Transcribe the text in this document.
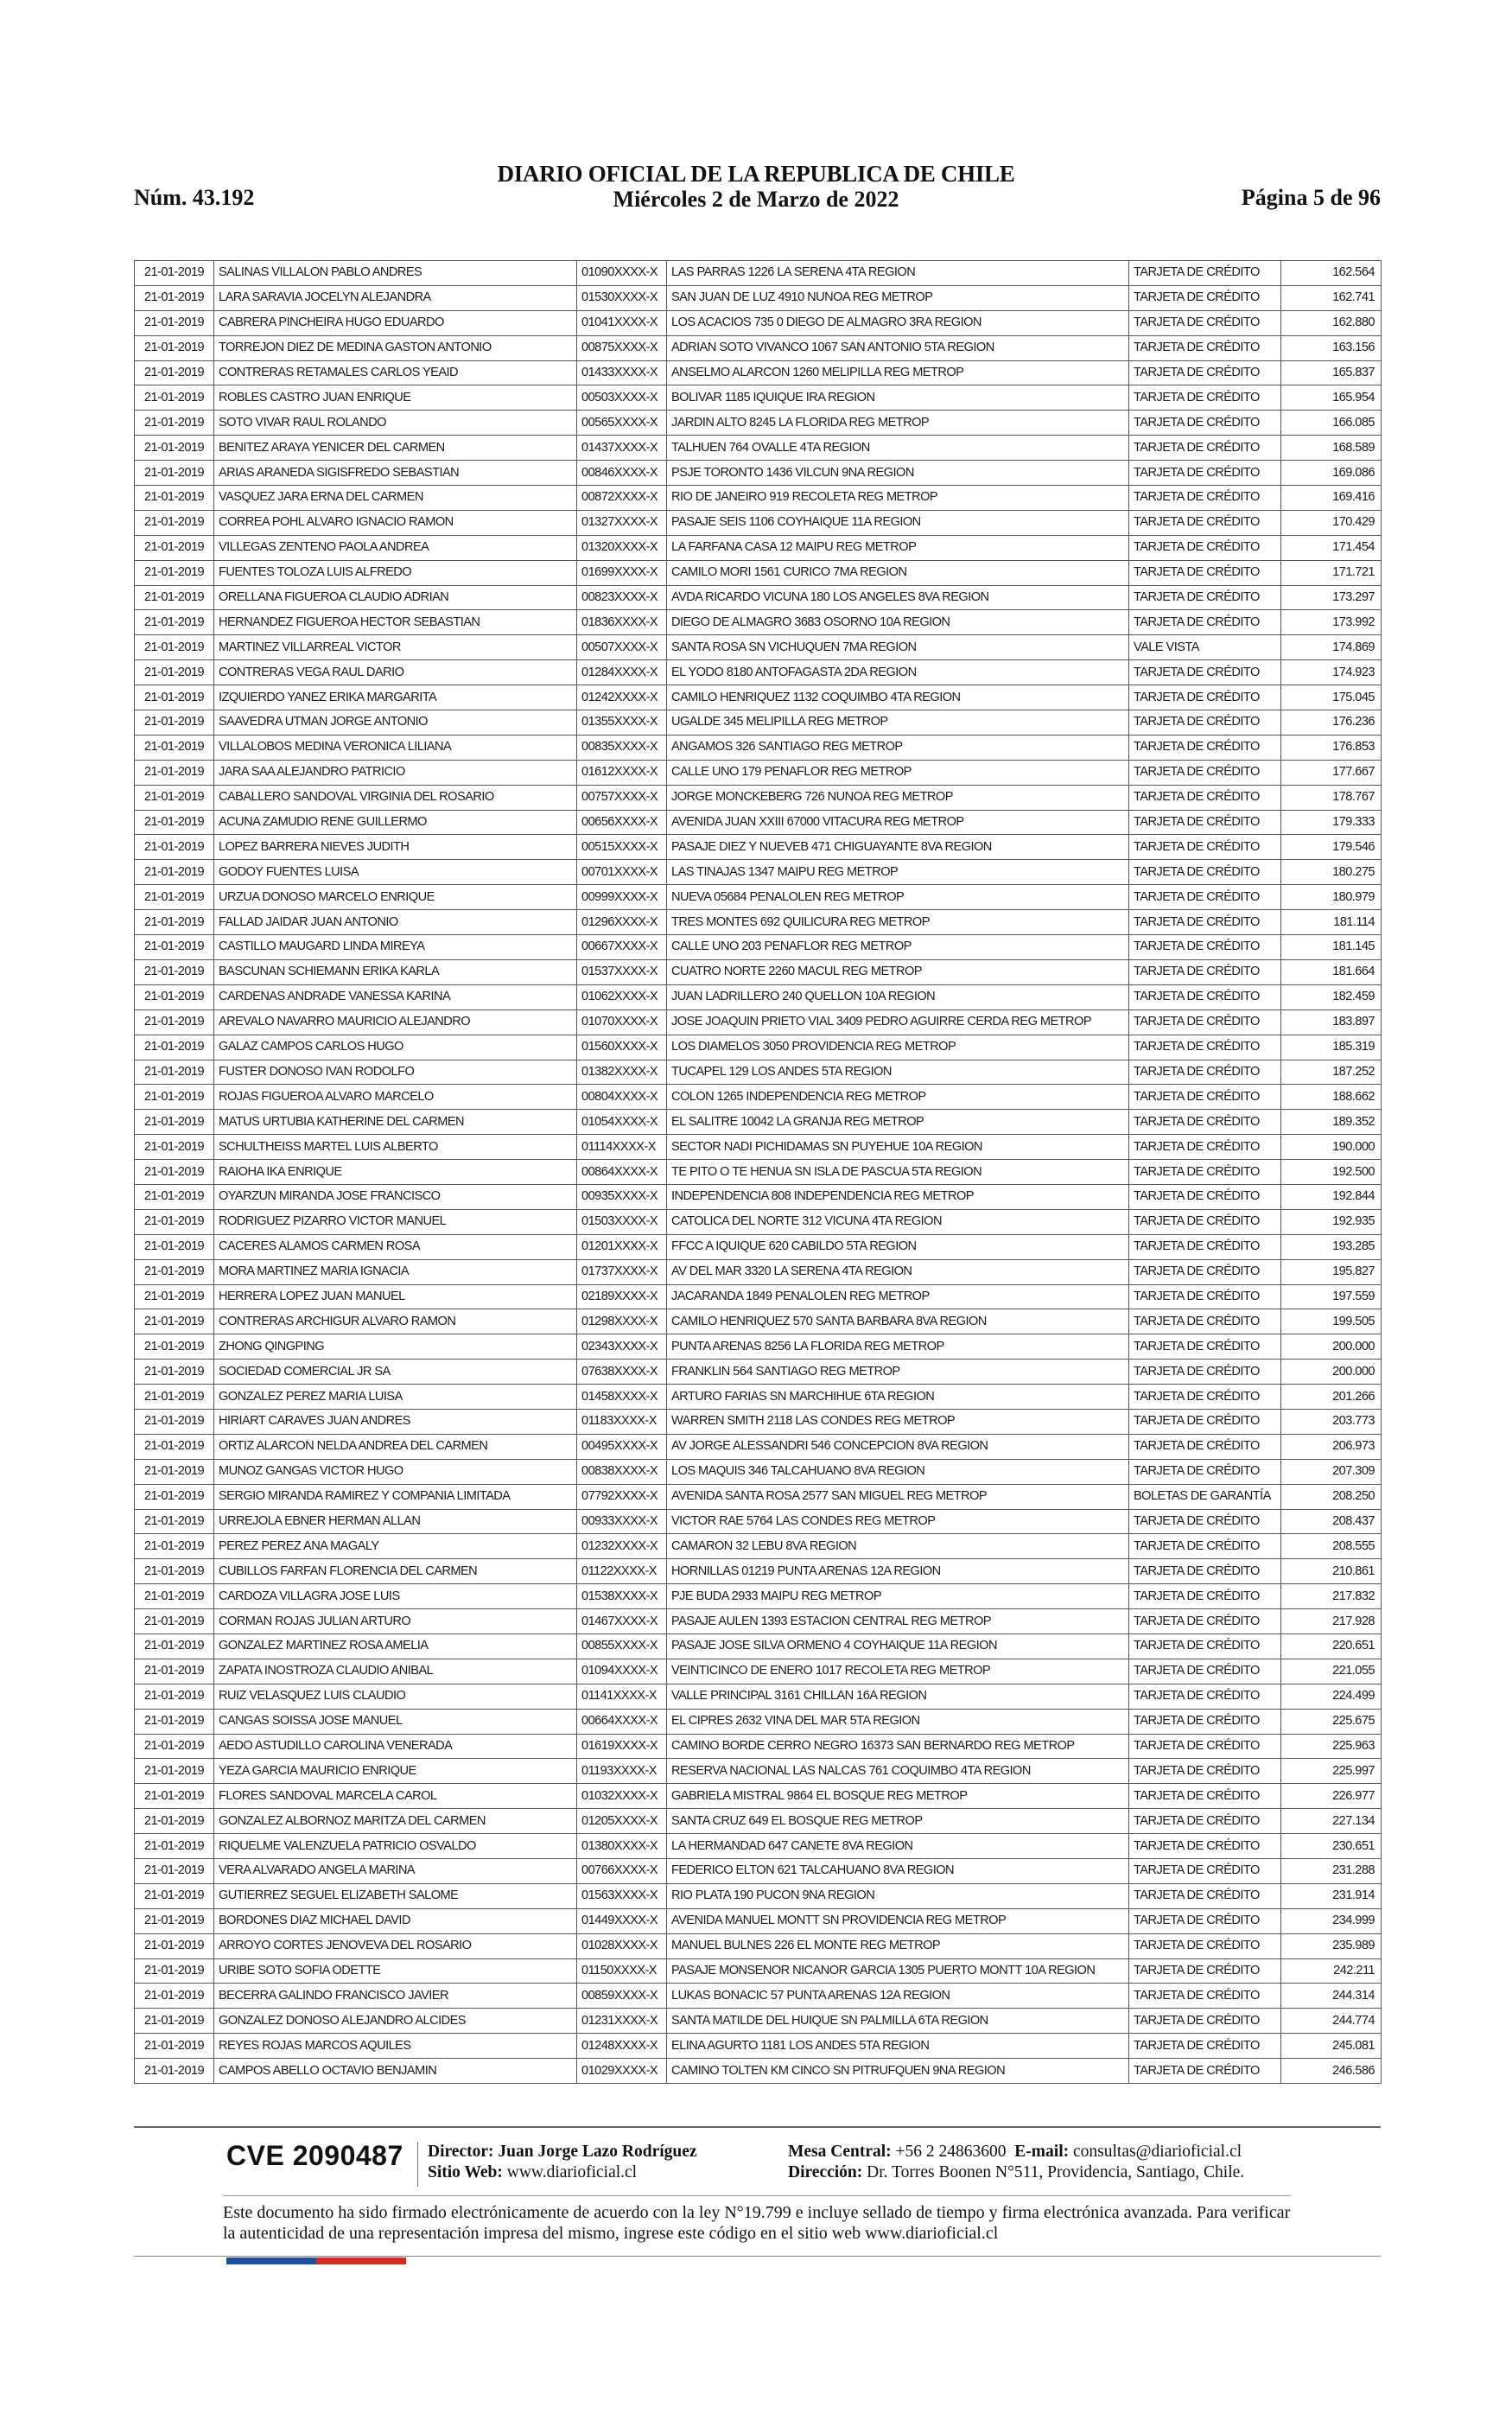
Núm. 43.192
DIARIO OFICIAL DE LA REPUBLICA DE CHILE
Miércoles 2 de Marzo de 2022	Página 5 de 96
21-01-2019	SALINAS VILLALON PABLO ANDRES	01090XXXX-X	LAS PARRAS 1226 LA SERENA 4TA REGION	TARJETA DE CRÉDITO	162.564
21-01-2019	LARA SARAVIA JOCELYN ALEJANDRA	01530XXXX-X	SAN JUAN DE LUZ 4910 NUNOA REG METROP	TARJETA DE CRÉDITO	162.741
21-01-2019	CABRERA PINCHEIRA HUGO EDUARDO	01041XXXX-X	LOS ACACIOS 735 0 DIEGO DE ALMAGRO 3RA REGION	TARJETA DE CRÉDITO	162.880
21-01-2019	TORREJON DIEZ DE MEDINA GASTON ANTONIO	00875XXXX-X	ADRIAN SOTO VIVANCO 1067 SAN ANTONIO 5TA REGION	TARJETA DE CRÉDITO	163.156
21-01-2019	CONTRERAS RETAMALES CARLOS YEAID	01433XXXX-X	ANSELMO ALARCON 1260 MELIPILLA REG METROP	TARJETA DE CRÉDITO	165.837
21-01-2019	ROBLES CASTRO JUAN ENRIQUE	00503XXXX-X	BOLIVAR 1185 IQUIQUE IRA REGION	TARJETA DE CRÉDITO	165.954
21-01-2019	SOTO VIVAR RAUL ROLANDO	00565XXXX-X	JARDIN ALTO 8245 LA FLORIDA REG METROP	TARJETA DE CRÉDITO	166.085
21-01-2019	BENITEZ ARAYA YENICER DEL CARMEN	01437XXXX-X	TALHUEN 764 OVALLE 4TA REGION	TARJETA DE CRÉDITO	168.589
21-01-2019	ARIAS ARANEDA SIGISFREDO SEBASTIAN	00846XXXX-X	PSJE TORONTO 1436 VILCUN 9NA REGION	TARJETA DE CRÉDITO	169.086
21-01-2019	VASQUEZ JARA ERNA DEL CARMEN	00872XXXX-X	RIO DE JANEIRO 919 RECOLETA REG METROP	TARJETA DE CRÉDITO	169.416
21-01-2019	CORREA POHL ALVARO IGNACIO RAMON	01327XXXX-X	PASAJE SEIS 1106 COYHAIQUE 11A REGION	TARJETA DE CRÉDITO	170.429
21-01-2019	VILLEGAS ZENTENO PAOLA ANDREA	01320XXXX-X	LA FARFANA CASA 12 MAIPU REG METROP	TARJETA DE CRÉDITO	171.454
21-01-2019	FUENTES TOLOZA LUIS ALFREDO	01699XXXX-X	CAMILO MORI 1561 CURICO 7MA REGION	TARJETA DE CRÉDITO	171.721
21-01-2019	ORELLANA FIGUEROA CLAUDIO ADRIAN	00823XXXX-X	AVDA RICARDO VICUNA 180 LOS ANGELES 8VA REGION	TARJETA DE CRÉDITO	173.297
21-01-2019	HERNANDEZ FIGUEROA HECTOR SEBASTIAN	01836XXXX-X	DIEGO DE ALMAGRO 3683 OSORNO 10A REGION	TARJETA DE CRÉDITO	173.992
21-01-2019	MARTINEZ VILLARREAL VICTOR	00507XXXX-X	SANTA ROSA SN VICHUQUEN 7MA REGION	VALE VISTA	174.869
21-01-2019	CONTRERAS VEGA RAUL DARIO	01284XXXX-X	EL YODO 8180 ANTOFAGASTA 2DA REGION	TARJETA DE CRÉDITO	174.923
21-01-2019	IZQUIERDO YANEZ ERIKA MARGARITA	01242XXXX-X	CAMILO HENRIQUEZ 1132 COQUIMBO 4TA REGION	TARJETA DE CRÉDITO	175.045
21-01-2019	SAAVEDRA UTMAN JORGE ANTONIO	01355XXXX-X	UGALDE 345 MELIPILLA REG METROP	TARJETA DE CRÉDITO	176.236
21-01-2019	VILLALOBOS MEDINA VERONICA LILIANA	00835XXXX-X	ANGAMOS 326 SANTIAGO REG METROP	TARJETA DE CRÉDITO	176.853
21-01-2019	JARA SAA ALEJANDRO PATRICIO	01612XXXX-X	CALLE UNO 179 PENAFLOR REG METROP	TARJETA DE CRÉDITO	177.667
21-01-2019	CABALLERO SANDOVAL VIRGINIA DEL ROSARIO	00757XXXX-X	JORGE MONCKEBERG 726 NUNOA REG METROP	TARJETA DE CRÉDITO	178.767
21-01-2019	ACUNA ZAMUDIO RENE GUILLERMO	00656XXXX-X	AVENIDA JUAN XXIII 67000 VITACURA REG METROP	TARJETA DE CRÉDITO	179.333
21-01-2019	LOPEZ BARRERA NIEVES JUDITH	00515XXXX-X	PASAJE DIEZ Y NUEVEB 471 CHIGUAYANTE 8VA REGION	TARJETA DE CRÉDITO	179.546
21-01-2019	GODOY FUENTES LUISA	00701XXXX-X	LAS TINAJAS 1347 MAIPU REG METROP	TARJETA DE CRÉDITO	180.275
21-01-2019	URZUA DONOSO MARCELO ENRIQUE	00999XXXX-X	NUEVA 05684 PENALOLEN REG METROP	TARJETA DE CRÉDITO	180.979
21-01-2019	FALLAD JAIDAR JUAN ANTONIO	01296XXXX-X	TRES MONTES 692 QUILICURA REG METROP	TARJETA DE CRÉDITO	181.114
21-01-2019	CASTILLO MAUGARD LINDA MIREYA	00667XXXX-X	CALLE UNO 203 PENAFLOR REG METROP	TARJETA DE CRÉDITO	181.145
21-01-2019	BASCUNAN SCHIEMANN ERIKA KARLA	01537XXXX-X	CUATRO NORTE 2260 MACUL REG METROP	TARJETA DE CRÉDITO	181.664
21-01-2019	CARDENAS ANDRADE VANESSA KARINA	01062XXXX-X	JUAN LADRILLERO 240 QUELLON 10A REGION	TARJETA DE CRÉDITO	182.459
21-01-2019	AREVALO NAVARRO MAURICIO ALEJANDRO	01070XXXX-X	JOSE JOAQUIN PRIETO VIAL 3409 PEDRO AGUIRRE CERDA REG METROP	TARJETA DE CRÉDITO	183.897
21-01-2019	GALAZ CAMPOS CARLOS HUGO	01560XXXX-X	LOS DIAMELOS 3050 PROVIDENCIA REG METROP	TARJETA DE CRÉDITO	185.319
21-01-2019	FUSTER DONOSO IVAN RODOLFO	01382XXXX-X	TUCAPEL 129 LOS ANDES 5TA REGION	TARJETA DE CRÉDITO	187.252
21-01-2019	ROJAS FIGUEROA ALVARO MARCELO	00804XXXX-X	COLON 1265 INDEPENDENCIA REG METROP	TARJETA DE CRÉDITO	188.662
21-01-2019	MATUS URTUBIA KATHERINE DEL CARMEN	01054XXXX-X	EL SALITRE 10042 LA GRANJA REG METROP	TARJETA DE CRÉDITO	189.352
21-01-2019	SCHULTHEISS MARTEL LUIS ALBERTO	01114XXXX-X	SECTOR NADI PICHIDAMAS SN PUYEHUE 10A REGION	TARJETA DE CRÉDITO	190.000
21-01-2019	RAIOHA IKA ENRIQUE	00864XXXX-X	TE PITO O TE HENUA SN ISLA DE PASCUA 5TA REGION	TARJETA DE CRÉDITO	192.500
21-01-2019	OYARZUN MIRANDA JOSE FRANCISCO	00935XXXX-X	INDEPENDENCIA 808 INDEPENDENCIA REG METROP	TARJETA DE CRÉDITO	192.844
21-01-2019	RODRIGUEZ PIZARRO VICTOR MANUEL	01503XXXX-X	CATOLICA DEL NORTE 312 VICUNA 4TA REGION	TARJETA DE CRÉDITO	192.935
21-01-2019	CACERES ALAMOS CARMEN ROSA	01201XXXX-X	FFCC A IQUIQUE 620 CABILDO 5TA REGION	TARJETA DE CRÉDITO	193.285
21-01-2019	MORA MARTINEZ MARIA IGNACIA	01737XXXX-X	AV DEL MAR 3320 LA SERENA 4TA REGION	TARJETA DE CRÉDITO	195.827
21-01-2019	HERRERA LOPEZ JUAN MANUEL	02189XXXX-X	JACARANDA 1849 PENALOLEN REG METROP	TARJETA DE CRÉDITO	197.559
21-01-2019	CONTRERAS ARCHIGUR ALVARO RAMON	01298XXXX-X	CAMILO HENRIQUEZ 570 SANTA BARBARA 8VA REGION	TARJETA DE CRÉDITO	199.505
21-01-2019	ZHONG QINGPING	02343XXXX-X	PUNTA ARENAS 8256 LA FLORIDA REG METROP	TARJETA DE CRÉDITO	200.000
21-01-2019	SOCIEDAD COMERCIAL JR SA	07638XXXX-X	FRANKLIN 564 SANTIAGO REG METROP	TARJETA DE CRÉDITO	200.000
21-01-2019	GONZALEZ PEREZ MARIA LUISA	01458XXXX-X	ARTURO FARIAS SN MARCHIHUE 6TA REGION	TARJETA DE CRÉDITO	201.266
21-01-2019	HIRIART CARAVES JUAN ANDRES	01183XXXX-X	WARREN SMITH 2118 LAS CONDES REG METROP	TARJETA DE CRÉDITO	203.773
21-01-2019	ORTIZ ALARCON NELDA ANDREA DEL CARMEN	00495XXXX-X	AV JORGE ALESSANDRI 546 CONCEPCION 8VA REGION	TARJETA DE CRÉDITO	206.973
21-01-2019	MUNOZ GANGAS VICTOR HUGO	00838XXXX-X	LOS MAQUIS 346 TALCAHUANO 8VA REGION	TARJETA DE CRÉDITO	207.309
21-01-2019	SERGIO MIRANDA RAMIREZ Y COMPANIA LIMITADA	07792XXXX-X	AVENIDA SANTA ROSA 2577 SAN MIGUEL REG METROP	BOLETAS DE GARANTÍA	208.250
21-01-2019	URREJOLA EBNER HERMAN ALLAN	00933XXXX-X	VICTOR RAE 5764 LAS CONDES REG METROP	TARJETA DE CRÉDITO	208.437
21-01-2019	PEREZ PEREZ ANA MAGALY	01232XXXX-X	CAMARON 32 LEBU 8VA REGION	TARJETA DE CRÉDITO	208.555
21-01-2019	CUBILLOS FARFAN FLORENCIA DEL CARMEN	01122XXXX-X	HORNILLAS 01219 PUNTA ARENAS 12A REGION	TARJETA DE CRÉDITO	210.861
21-01-2019	CARDOZA VILLAGRA JOSE LUIS	01538XXXX-X	PJE BUDA 2933 MAIPU REG METROP	TARJETA DE CRÉDITO	217.832
21-01-2019	CORMAN ROJAS JULIAN ARTURO	01467XXXX-X	PASAJE AULEN 1393 ESTACION CENTRAL REG METROP	TARJETA DE CRÉDITO	217.928
21-01-2019	GONZALEZ MARTINEZ ROSA AMELIA	00855XXXX-X	PASAJE JOSE SILVA ORMENO 4 COYHAIQUE 11A REGION	TARJETA DE CRÉDITO	220.651
21-01-2019	ZAPATA INOSTROZA CLAUDIO ANIBAL	01094XXXX-X	VEINTICINCO DE ENERO 1017 RECOLETA REG METROP	TARJETA DE CRÉDITO	221.055
21-01-2019	RUIZ VELASQUEZ LUIS CLAUDIO	01141XXXX-X	VALLE PRINCIPAL 3161 CHILLAN 16A REGION	TARJETA DE CRÉDITO	224.499
21-01-2019	CANGAS SOISSA JOSE MANUEL	00664XXXX-X	EL CIPRES 2632 VINA DEL MAR 5TA REGION	TARJETA DE CRÉDITO	225.675
21-01-2019	AEDO ASTUDILLO CAROLINA VENERADA	01619XXXX-X	CAMINO BORDE CERRO NEGRO 16373 SAN BERNARDO REG METROP	TARJETA DE CRÉDITO	225.963
21-01-2019	YEZA GARCIA MAURICIO ENRIQUE	01193XXXX-X	RESERVA NACIONAL LAS NALCAS 761 COQUIMBO 4TA REGION	TARJETA DE CRÉDITO	225.997
21-01-2019	FLORES SANDOVAL MARCELA CAROL	01032XXXX-X	GABRIELA MISTRAL 9864 EL BOSQUE REG METROP	TARJETA DE CRÉDITO	226.977
21-01-2019	GONZALEZ ALBORNOZ MARITZA DEL CARMEN	01205XXXX-X	SANTA CRUZ 649 EL BOSQUE REG METROP	TARJETA DE CRÉDITO	227.134
21-01-2019	RIQUELME VALENZUELA PATRICIO OSVALDO	01380XXXX-X	LA HERMANDAD 647 CANETE 8VA REGION	TARJETA DE CRÉDITO	230.651
21-01-2019	VERA ALVARADO ANGELA MARINA	00766XXXX-X	FEDERICO ELTON 621 TALCAHUANO 8VA REGION	TARJETA DE CRÉDITO	231.288
21-01-2019	GUTIERREZ SEGUEL ELIZABETH SALOME	01563XXXX-X	RIO PLATA 190 PUCON 9NA REGION	TARJETA DE CRÉDITO	231.914
21-01-2019	BORDONES DIAZ MICHAEL DAVID	01449XXXX-X	AVENIDA MANUEL MONTT SN PROVIDENCIA REG METROP	TARJETA DE CRÉDITO	234.999
21-01-2019	ARROYO CORTES JENOVEVA DEL ROSARIO	01028XXXX-X	MANUEL BULNES 226 EL MONTE REG METROP	TARJETA DE CRÉDITO	235.989
21-01-2019	URIBE SOTO SOFIA ODETTE	01150XXXX-X	PASAJE MONSENOR NICANOR GARCIA 1305 PUERTO MONTT 10A REGION	TARJETA DE CRÉDITO	242.211
21-01-2019	BECERRA GALINDO FRANCISCO JAVIER	00859XXXX-X	LUKAS BONACIC 57 PUNTA ARENAS 12A REGION	TARJETA DE CRÉDITO	244.314
21-01-2019	GONZALEZ DONOSO ALEJANDRO ALCIDES	01231XXXX-X	SANTA MATILDE DEL HUIQUE SN PALMILLA 6TA REGION	TARJETA DE CRÉDITO	244.774
21-01-2019	REYES ROJAS MARCOS AQUILES	01248XXXX-X	ELINA AGURTO 1181 LOS ANDES 5TA REGION	TARJETA DE CRÉDITO	245.081
21-01-2019	CAMPOS ABELLO OCTAVIO BENJAMIN	01029XXXX-X	CAMINO TOLTEN KM CINCO SN PITRUFQUEN 9NA REGION	TARJETA DE CRÉDITO	246.586
CVE 2090487 Director: Juan Jorge Lazo Rodríguez
Sitio Web: www.diarioficial.cl
Mesa Central: +56 2 24863600 E-mail: consultas@diarioficial.cl
Dirección: Dr. Torres Boonen N°511, Providencia, Santiago, Chile.
Este documento ha sido firmado electrónicamente de acuerdo con la ley N°19.799 e incluye sellado de tiempo y firma electrónica avanzada. Para verificar la autenticidad de una representación impresa del mismo, ingrese este código en el sitio web www.diarioficial.cl
